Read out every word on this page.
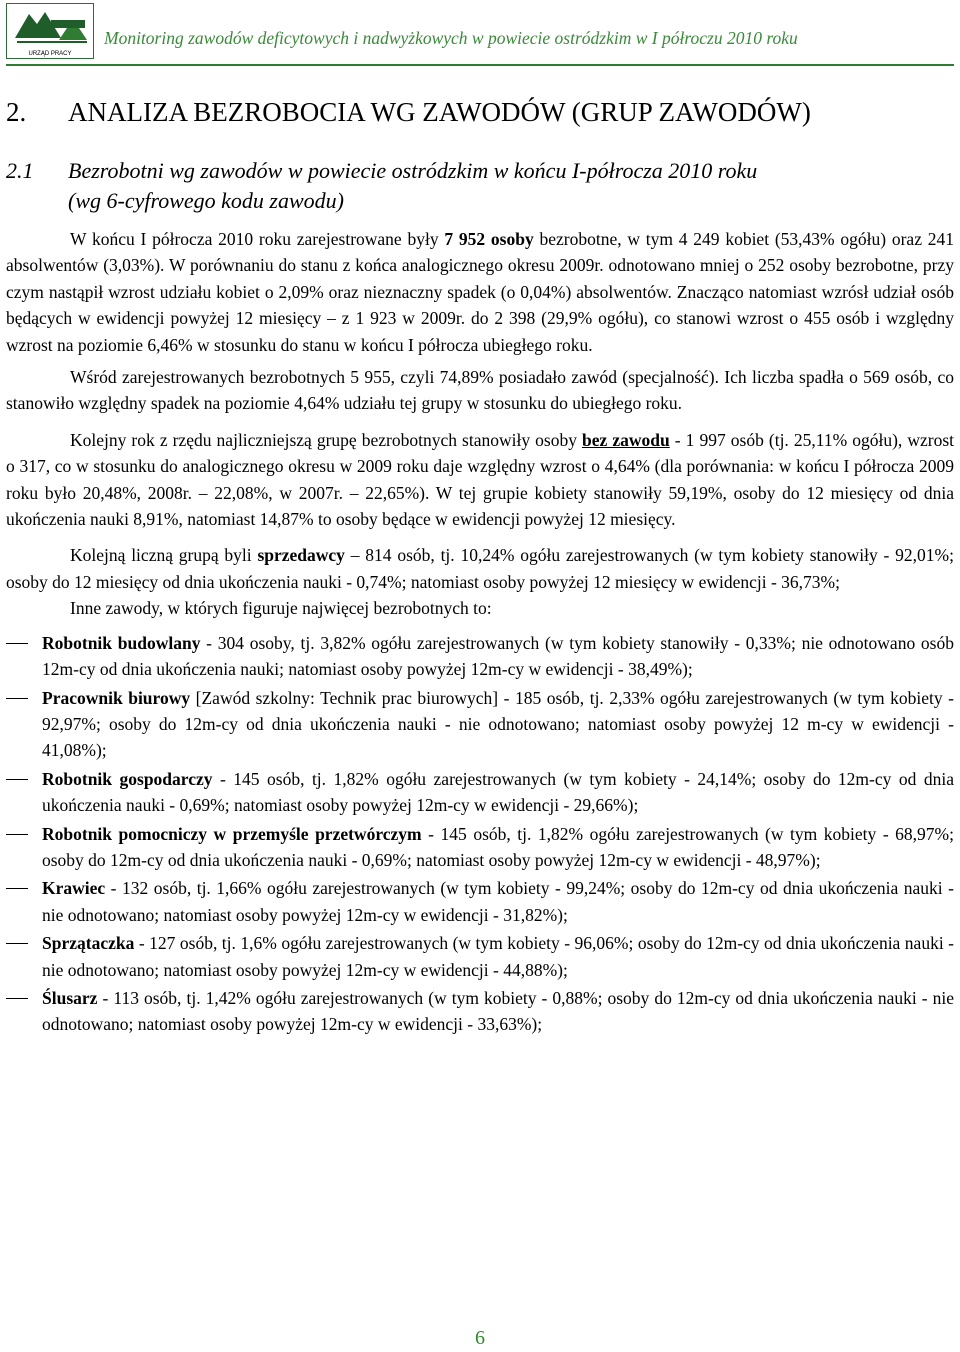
URZĄD PRACY
Monitoring zawodów deficytowych i nadwyżkowych w powiecie ostródzkim w I półroczu 2010 roku
2. ANALIZA BEZROBOCIA WG ZAWODÓW (GRUP ZAWODÓW)
2.1 Bezrobotni wg zawodów w powiecie ostródzkim w końcu I-półrocza 2010 roku
(wg 6-cyfrowego kodu zawodu)

W końcu I półrocza 2010 roku zarejestrowane były 7 952 osoby bezrobotne, w tym 4 249 kobiet (53,43% ogółu) oraz 241 absolwentów (3,03%). W porównaniu do stanu z końca analogicznego okresu 2009r. odnotowano mniej o 252 osoby bezrobotne, przy czym nastąpił wzrost udziału kobiet o 2,09% oraz nieznaczny spadek (o 0,04%) absolwentów. Znacząco natomiast wzrósł udział osób będących w ewidencji powyżej 12 miesięcy – z 1 923 w 2009r. do 2 398 (29,9% ogółu), co stanowi wzrost o 455 osób i względny wzrost na poziomie 6,46% w stosunku do stanu w końcu I półrocza ubiegłego roku.

Wśród zarejestrowanych bezrobotnych 5 955, czyli 74,89% posiadało zawód (specjalność). Ich liczba spadła o 569 osób, co stanowiło względny spadek na poziomie 4,64% udziału tej grupy w stosunku do ubiegłego roku.

Kolejny rok z rzędu najliczniejszą grupę bezrobotnych stanowiły osoby bez zawodu - 1 997 osób (tj. 25,11% ogółu), wzrost o 317, co w stosunku do analogicznego okresu w 2009 roku daje względny wzrost o 4,64% (dla porównania: w końcu I półrocza 2009 roku było 20,48%, 2008r. – 22,08%, w 2007r. – 22,65%). W tej grupie kobiety stanowiły 59,19%, osoby do 12 miesięcy od dnia ukończenia nauki 8,91%, natomiast 14,87% to osoby będące w ewidencji powyżej 12 miesięcy.

Kolejną liczną grupą byli sprzedawcy – 814 osób, tj. 10,24% ogółu zarejestrowanych (w tym kobiety stanowiły - 92,01%; osoby do 12 miesięcy od dnia ukończenia nauki - 0,74%; natomiast osoby powyżej 12 miesięcy w ewidencji - 36,73%;

Inne zawody, w których figuruje najwięcej bezrobotnych to:

Robotnik budowlany - 304 osoby, tj. 3,82% ogółu zarejestrowanych (w tym kobiety stanowiły - 0,33%; nie odnotowano osób 12m-cy od dnia ukończenia nauki; natomiast osoby powyżej 12m-cy w ewidencji - 38,49%);
Pracownik biurowy [Zawód szkolny: Technik prac biurowych] - 185 osób, tj. 2,33% ogółu zarejestrowanych (w tym kobiety - 92,97%; osoby do 12m-cy od dnia ukończenia nauki - nie odnotowano; natomiast osoby powyżej 12 m-cy w ewidencji - 41,08%);
Robotnik gospodarczy - 145 osób, tj. 1,82% ogółu zarejestrowanych (w tym kobiety - 24,14%; osoby do 12m-cy od dnia ukończenia nauki - 0,69%; natomiast osoby powyżej 12m-cy w ewidencji - 29,66%);
Robotnik pomocniczy w przemyśle przetwórczym - 145 osób, tj. 1,82% ogółu zarejestrowanych (w tym kobiety - 68,97%; osoby do 12m-cy od dnia ukończenia nauki - 0,69%; natomiast osoby powyżej 12m-cy w ewidencji - 48,97%);
Krawiec - 132 osób, tj. 1,66% ogółu zarejestrowanych (w tym kobiety - 99,24%; osoby do 12m-cy od dnia ukończenia nauki - nie odnotowano; natomiast osoby powyżej 12m-cy w ewidencji - 31,82%);
Sprzątaczka - 127 osób, tj. 1,6% ogółu zarejestrowanych (w tym kobiety - 96,06%; osoby do 12m-cy od dnia ukończenia nauki - nie odnotowano; natomiast osoby powyżej 12m-cy w ewidencji - 44,88%);
Ślusarz - 113 osób, tj. 1,42% ogółu zarejestrowanych (w tym kobiety - 0,88%; osoby do 12m-cy od dnia ukończenia nauki - nie odnotowano; natomiast osoby powyżej 12m-cy w ewidencji - 33,63%);
6
